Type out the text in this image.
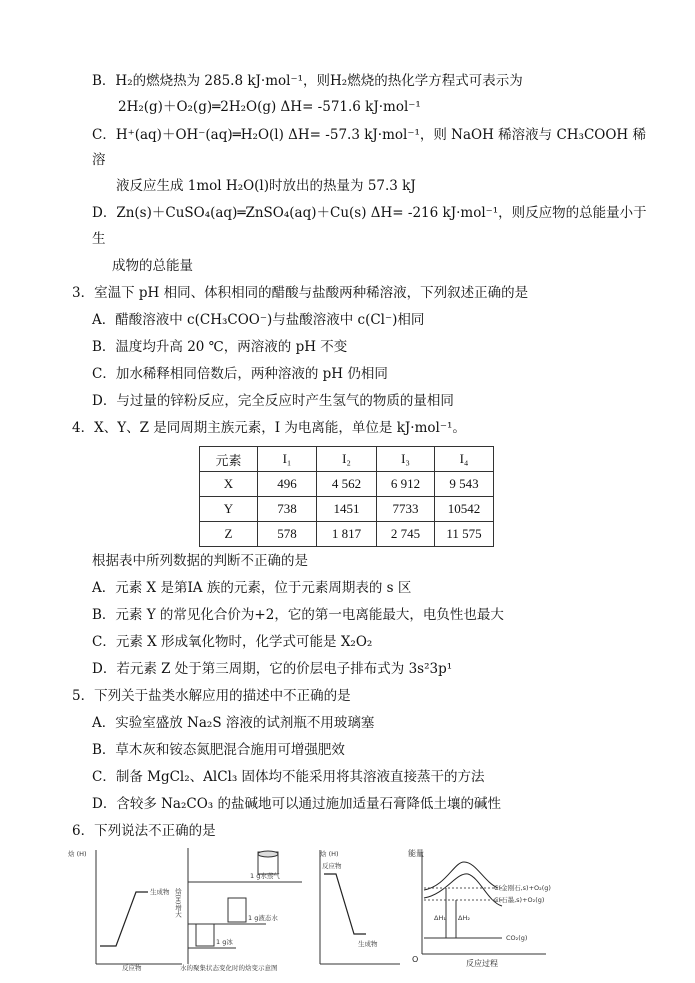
B．H₂的燃烧热为 285.8 kJ·mol⁻¹，则H₂燃烧的热化学方程式可表示为
2H₂(g)＋O₂(g)═2H₂O(g) ΔH= -571.6 kJ·mol⁻¹
C．H⁺(aq)＋OH⁻(aq)═H₂O(l) ΔH= -57.3 kJ·mol⁻¹，则 NaOH 稀溶液与 CH₃COOH 稀
溶
液反应生成 1mol H₂O(l)时放出的热量为 57.3 kJ
D．Zn(s)＋CuSO₄(aq)═ZnSO₄(aq)＋Cu(s) ΔH= -216 kJ·mol⁻¹，则反应物的总能量小于
生
成物的总能量
3．室温下 pH 相同、体积相同的醋酸与盐酸两种稀溶液，下列叙述正确的是
A．醋酸溶液中 c(CH₃COO⁻)与盐酸溶液中 c(Cl⁻)相同
B．温度均升高 20 ℃，两溶液的 pH 不变
C．加水稀释相同倍数后，两种溶液的 pH 仍相同
D．与过量的锌粉反应，完全反应时产生氢气的物质的量相同
4．X、Y、Z 是同周期主族元素，I 为电离能，单位是 kJ·mol⁻¹。
元素	I₁	I₂	I₃	I₄
X	496	4 562	6 912	9 543
Y	738	1451	7733	10542
Z	578	1 817	2 745	11 575
根据表中所列数据的判断不正确的是
A．元素 X 是第ⅠA 族的元素，位于元素周期表的 s 区
B．元素 Y 的常见化合价为+2，它的第一电离能最大，电负性也最大
C．元素 X 形成氧化物时，化学式可能是 X₂O₂
D．若元素 Z 处于第三周期，它的价层电子排布式为 3s²3p¹
5．下列关于盐类水解应用的描述中不正确的是
A．实验室盛放 Na₂S 溶液的试剂瓶不用玻璃塞
B．草木灰和铵态氮肥混合施用可增强肥效
C．制备 MgCl₂、AlCl₃ 固体均不能采用将其溶液直接蒸干的方法
D．含较多 Na₂CO₃ 的盐碱地可以通过施加适量石膏降低土壤的碱性
6．下列说法不正确的是
焓 (H)
生成物
反应物
焓(H)增大
1 g水蒸气
1 g液态水
1 g冰
水的聚集状态变化时的焓变示意图
焓 (H)
反应物
生成物
能量
ΔH₁ ΔH₂
C(金刚石,s)+O₂(g)
C(石墨,s)+O₂(g)
CO₂(g)
O	反应过程
